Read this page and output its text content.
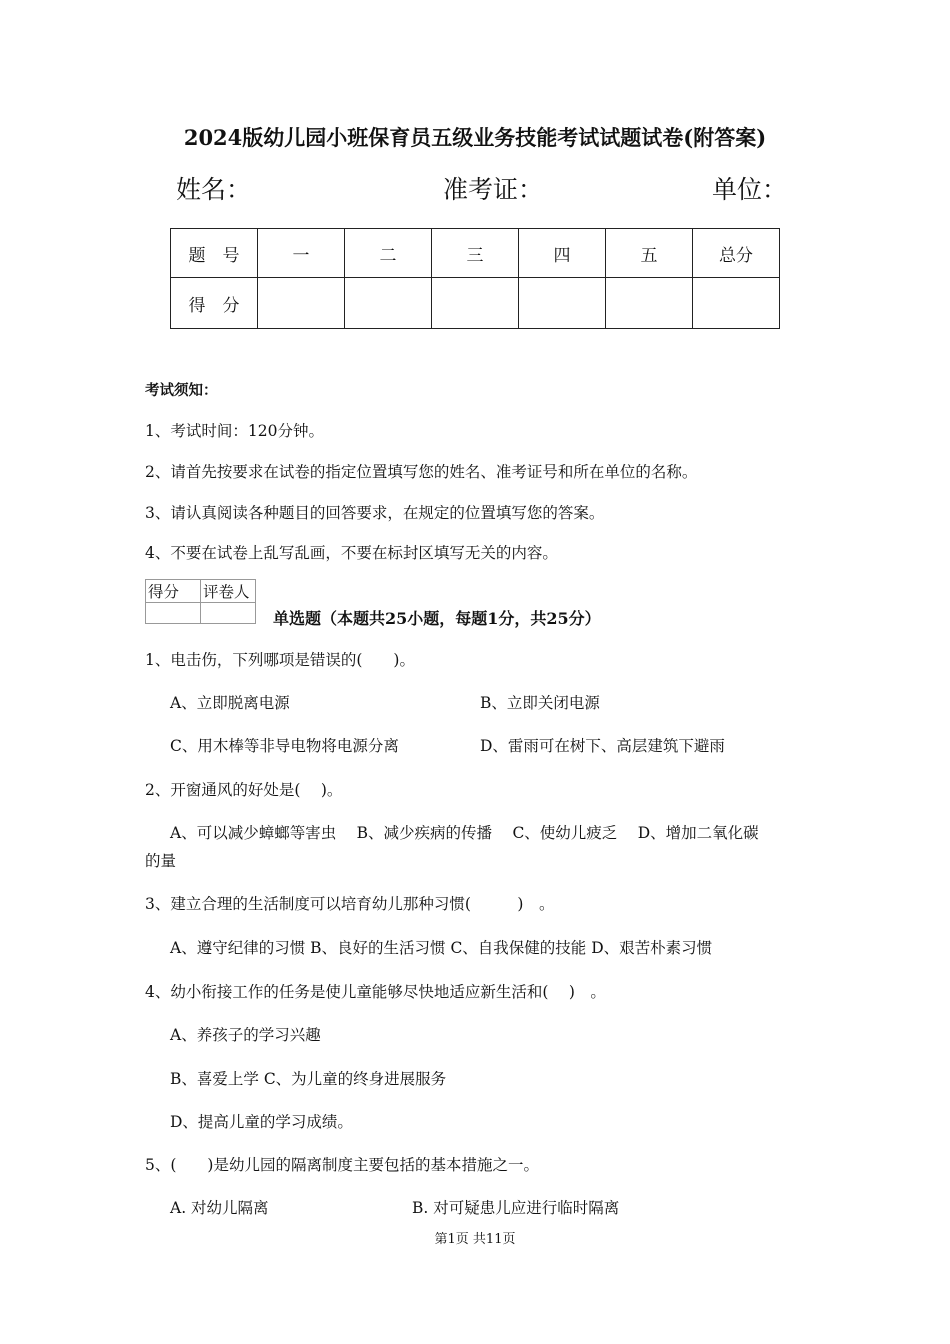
2024版幼儿园小班保育员五级业务技能考试试题试卷(附答案)
姓名：	准考证：	单位：
题　号	一	二	三	四	五	总分
得　分						
考试须知：
1、考试时间：120分钟。
2、请首先按要求在试卷的指定位置填写您的姓名、准考证号和所在单位的名称。
3、请认真阅读各种题目的回答要求，在规定的位置填写您的答案。
4、不要在试卷上乱写乱画，不要在标封区填写无关的内容。
得分	评卷人

单选题（本题共25小题，每题1分，共25分）
1、电击伤，下列哪项是错误的(　　)。
A、立即脱离电源	B、立即关闭电源
C、用木棒等非导电物将电源分离	D、雷雨可在树下、高层建筑下避雨
2、开窗通风的好处是(　 )。
A、可以减少蟑螂等害虫　 B、减少疾病的传播　 C、使幼儿疲乏　 D、增加二氧化碳
的量
3、建立合理的生活制度可以培育幼儿那种习惯(　　　)　。
A、遵守纪律的习惯 B、良好的生活习惯 C、自我保健的技能 D、艰苦朴素习惯
4、幼小衔接工作的任务是使儿童能够尽快地适应新生活和(　 )　。
A、养孩子的学习兴趣
B、喜爱上学 C、为儿童的终身进展服务
D、提高儿童的学习成绩。
5、(　　)是幼儿园的隔离制度主要包括的基本措施之一。
A. 对幼儿隔离	B. 对可疑患儿应进行临时隔离
第1页 共11页
